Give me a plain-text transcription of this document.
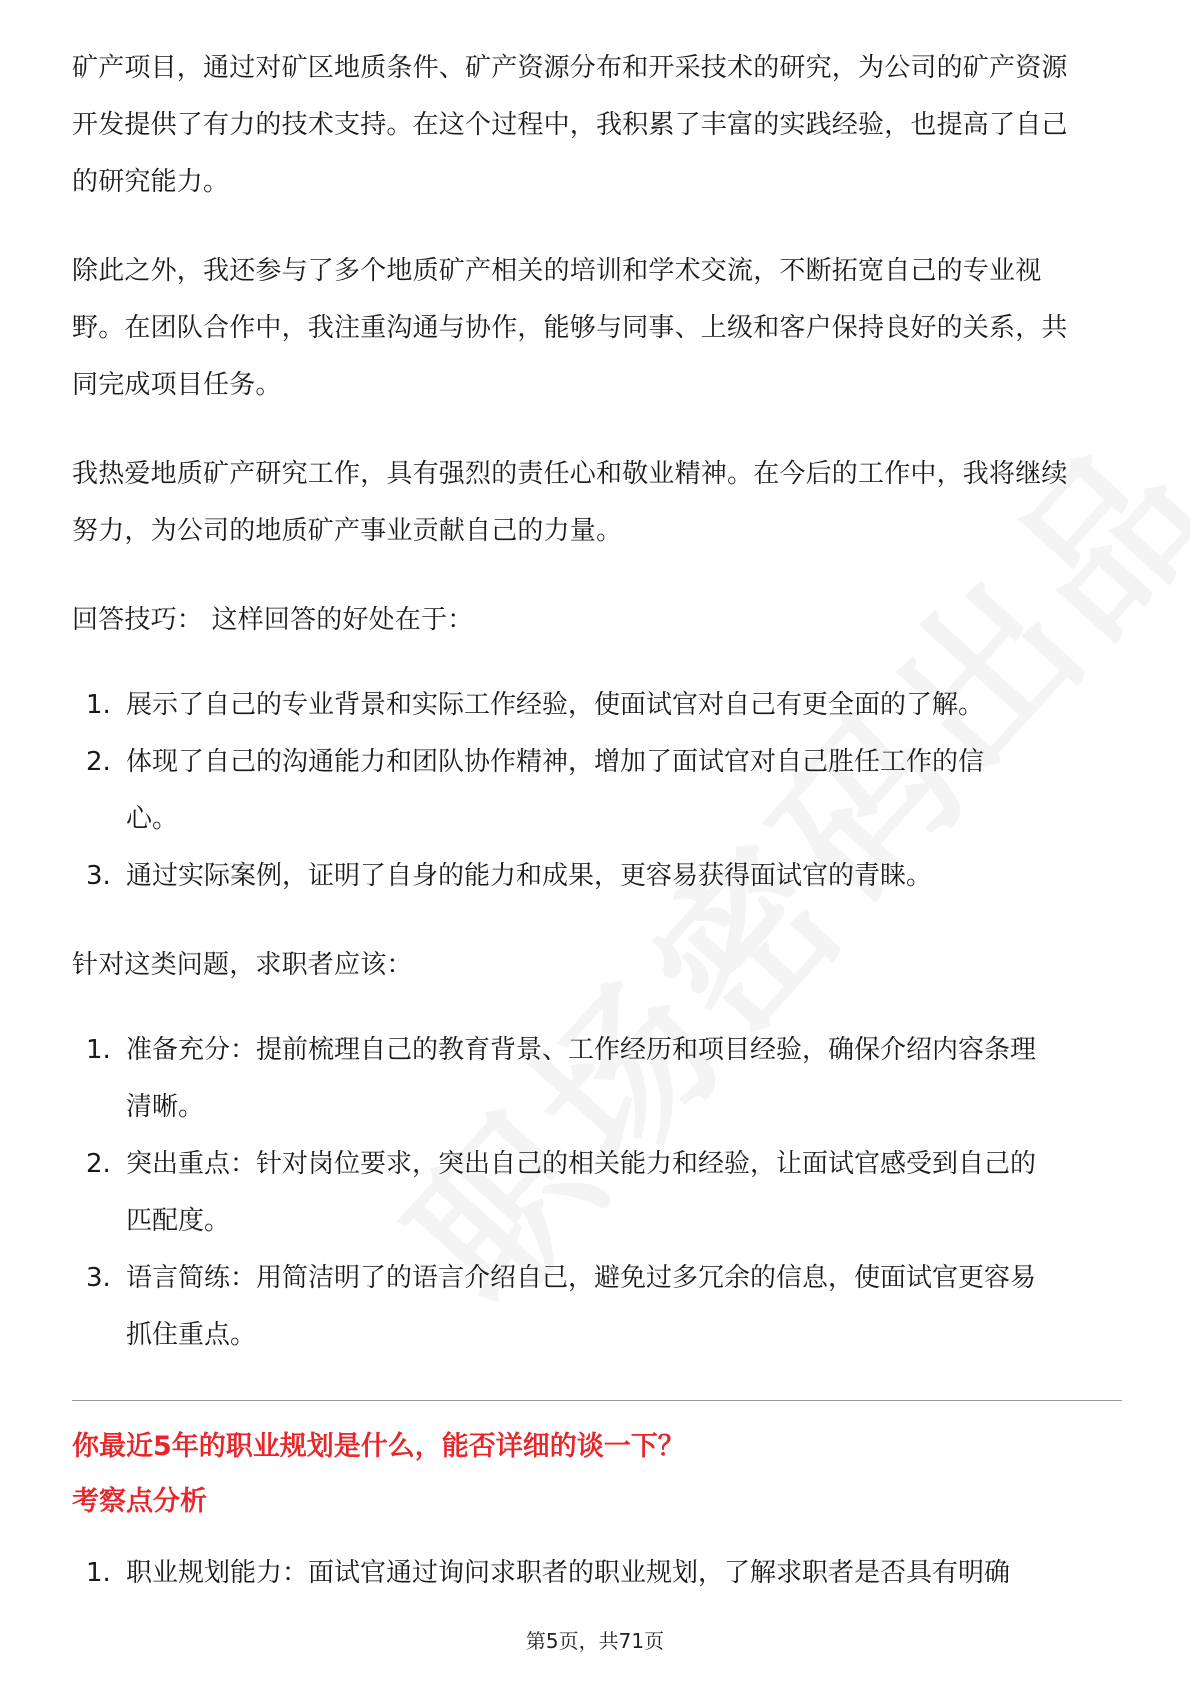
矿产项目，通过对矿区地质条件、矿产资源分布和开采技术的研究，为公司的矿产资源开发提供了有力的技术支持。在这个过程中，我积累了丰富的实践经验，也提高了自己的研究能力。

除此之外，我还参与了多个地质矿产相关的培训和学术交流，不断拓宽自己的专业视野。在团队合作中，我注重沟通与协作，能够与同事、上级和客户保持良好的关系，共同完成项目任务。

我热爱地质矿产研究工作，具有强烈的责任心和敬业精神。在今后的工作中，我将继续努力，为公司的地质矿产事业贡献自己的力量。

回答技巧： 这样回答的好处在于：

1. 展示了自己的专业背景和实际工作经验，使面试官对自己有更全面的了解。
2. 体现了自己的沟通能力和团队协作精神，增加了面试官对自己胜任工作的信心。
3. 通过实际案例，证明了自身的能力和成果，更容易获得面试官的青睐。

针对这类问题，求职者应该：

1. 准备充分：提前梳理自己的教育背景、工作经历和项目经验，确保介绍内容条理清晰。
2. 突出重点：针对岗位要求，突出自己的相关能力和经验，让面试官感受到自己的匹配度。
3. 语言简练：用简洁明了的语言介绍自己，避免过多冗余的信息，使面试官更容易抓住重点。

你最近5年的职业规划是什么，能否详细的谈一下？

考察点分析

1. 职业规划能力：面试官通过询问求职者的职业规划，了解求职者是否具有明确
第5页，共71页
